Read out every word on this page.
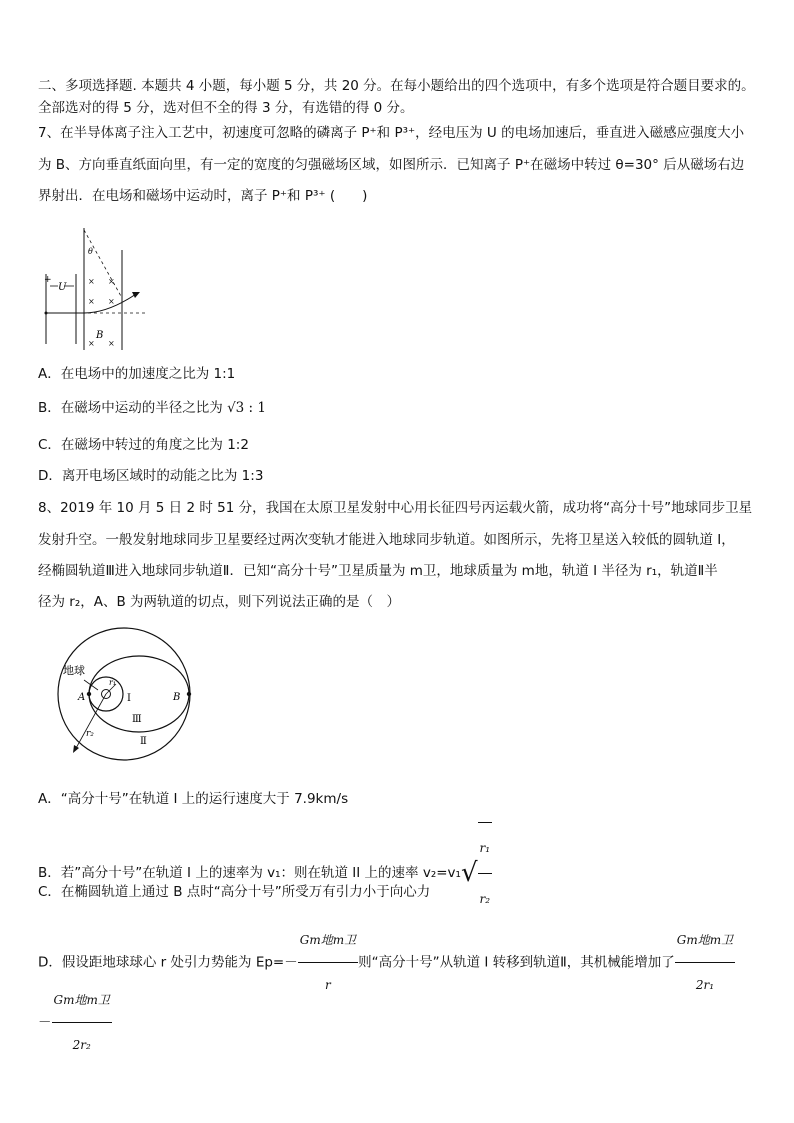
二、多项选择题. 本题共 4 小题，每小题 5 分，共 20 分。在每小题给出的四个选项中，有多个选项是符合题目要求的。
全部选对的得 5 分，选对但不全的得 3 分，有选错的得 0 分。
7、在半导体离子注入工艺中，初速度可忽略的磷离子 P⁺和 P³⁺，经电压为 U 的电场加速后，垂直进入磁感应强度大小
为 B、方向垂直纸面向里，有一定的宽度的匀强磁场区域，如图所示．已知离子 P⁺在磁场中转过 θ=30° 后从磁场右边
界射出．在电场和磁场中运动时，离子 P⁺和 P³⁺ (　　)
U
+	× ×
× ×
× ×
B
θ
A．在电场中的加速度之比为 1:1
B．在磁场中运动的半径之比为 √3 : 1
C．在磁场中转过的角度之比为 1:2
D．离开电场区域时的动能之比为 1:3
8、2019 年 10 月 5 日 2 时 51 分，我国在太原卫星发射中心用长征四号丙运载火箭，成功将“高分十号”地球同步卫星
发射升空。一般发射地球同步卫星要经过两次变轨才能进入地球同步轨道。如图所示，先将卫星送入较低的圆轨道 I，
经椭圆轨道Ⅲ进入地球同步轨道Ⅱ．已知“高分十号”卫星质量为 m卫，地球质量为 m地，轨道 I 半径为 r₁，轨道Ⅱ半
径为 r₂，A、B 为两轨道的切点，则下列说法正确的是（　）
地球
A	B
r₁
r₂
I
Ⅲ
Ⅱ
A．“高分十号”在轨道 I 上的运行速度大于 7.9km/s
B．若”高分十号”在轨道 I 上的速率为 v₁：则在轨道 II 上的速率 $v_2=v_1√ \frac{\text{r₁}}{\text{r₂}}$
C．在椭圆轨道上通过 B 点时“高分十号”所受万有引力小于向心力
D．假设距地球球心 r 处引力势能为 $Ep=- \frac{\text{Gm地m卫}}{r}$ 则“高分十号”从轨道 I 转移到轨道Ⅱ，其机械能增加了 $\frac{\text{Gm地m卫}}{\text{2r₁}}$
－ $\frac{\text{Gm地m卫}}{\text{2r₂}}$
